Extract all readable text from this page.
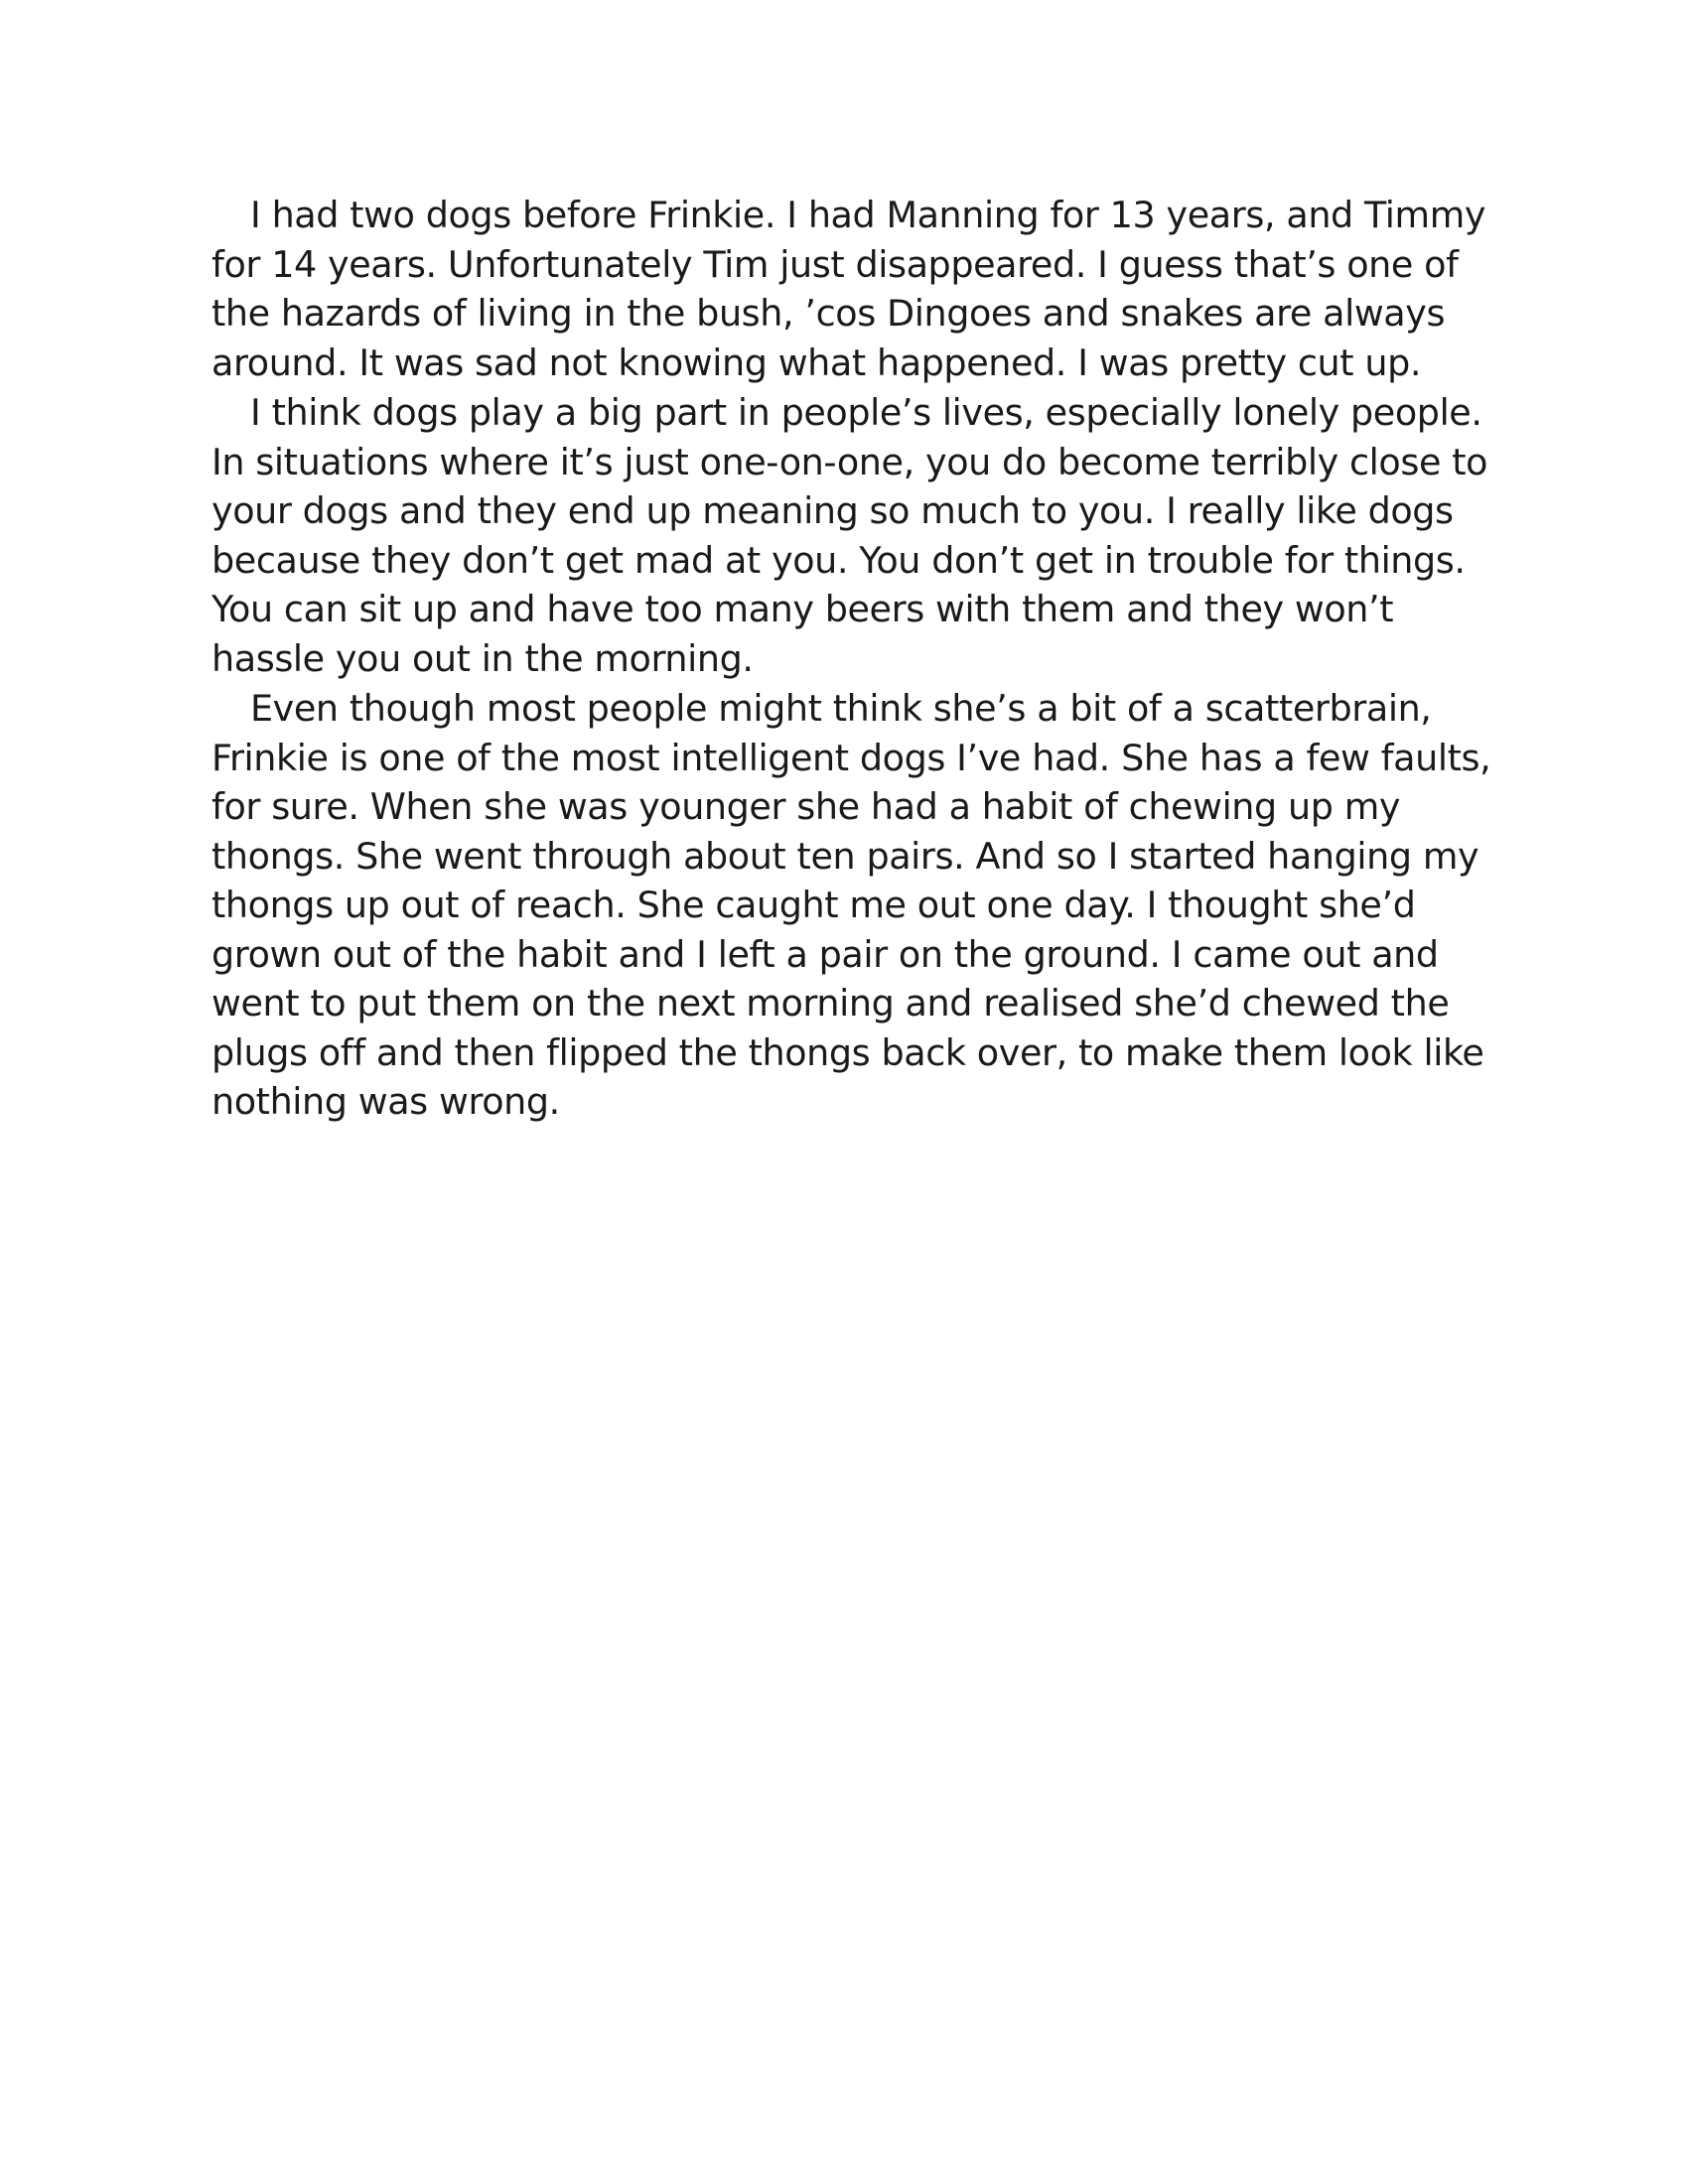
I had two dogs before Frinkie. I had Manning for 13 years, and Timmy
for 14 years. Unfortunately Tim just disappeared. I guess that’s one of
the hazards of living in the bush, ’cos Dingoes and snakes are always
around. It was sad not knowing what happened. I was pretty cut up.
I think dogs play a big part in people’s lives, especially lonely people.
In situations where it’s just one-on-one, you do become terribly close to
your dogs and they end up meaning so much to you. I really like dogs
because they don’t get mad at you. You don’t get in trouble for things.
You can sit up and have too many beers with them and they won’t
hassle you out in the morning.
Even though most people might think she’s a bit of a scatterbrain,
Frinkie is one of the most intelligent dogs I’ve had. She has a few faults,
for sure. When she was younger she had a habit of chewing up my
thongs. She went through about ten pairs. And so I started hanging my
thongs up out of reach. She caught me out one day. I thought she’d
grown out of the habit and I left a pair on the ground. I came out and
went to put them on the next morning and realised she’d chewed the
plugs off and then flipped the thongs back over, to make them look like
nothing was wrong.
